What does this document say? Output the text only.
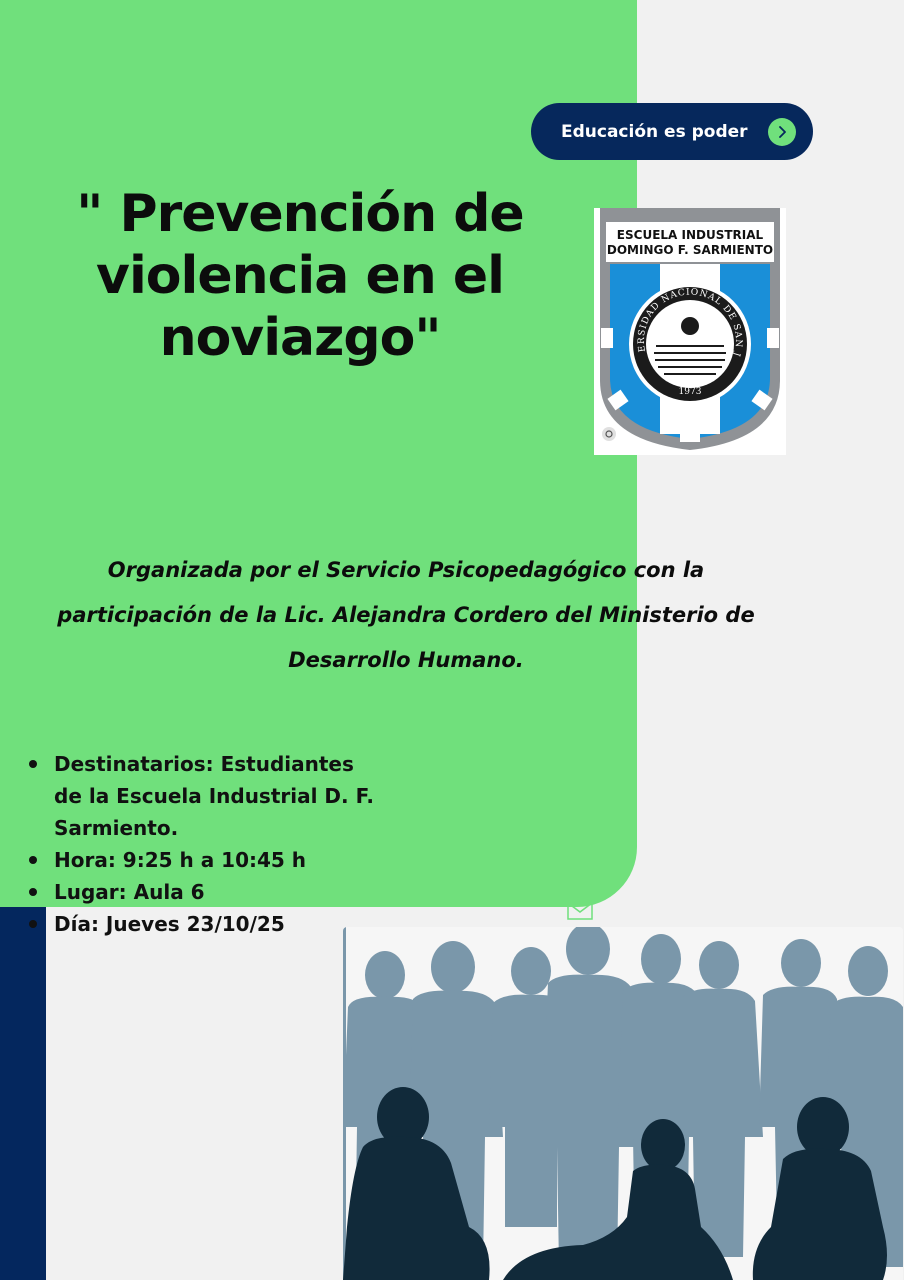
Educación es poder
" Prevención de
violencia en el
noviazgo"
ESCUELA INDUSTRIAL
DOMINGO F. SARMIENTO
ERSIDAD NACIONAL DE SAN J
1973

Organizada por el Servicio Psicopedagógico con la
participación de la Lic. Alejandra Cordero del Ministerio de
Desarrollo Humano.

Destinatarios: Estudiantes de la Escuela Industrial D. F. Sarmiento.
Hora: 9:25 h a 10:45 h
Lugar: Aula 6
Día: Jueves 23/10/25
